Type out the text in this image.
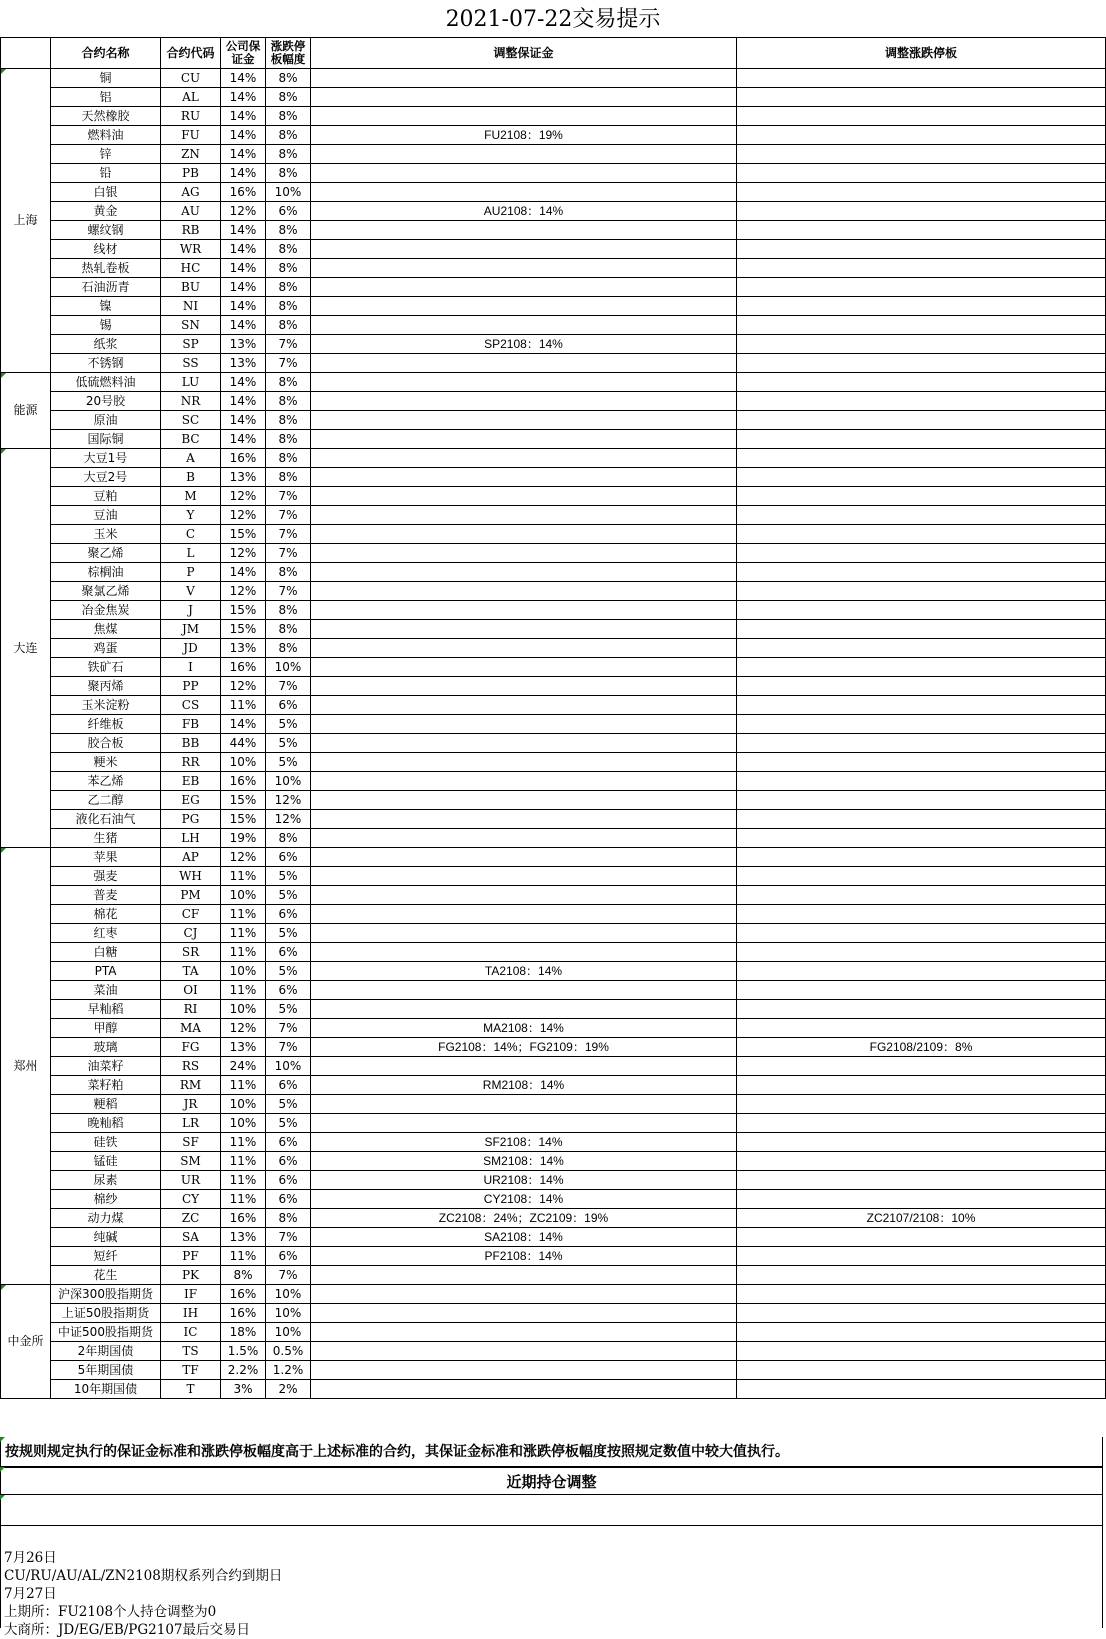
2021-07-22交易提示
	合约名称	合约代码	公司保证金	涨跌停板幅度	调整保证金	调整涨跌停板
上海	铜	CU	14%	8%		
	铝	AL	14%	8%		
	天然橡胶	RU	14%	8%		
	燃料油	FU	14%	8%	FU2108：19%	
	锌	ZN	14%	8%		
	铅	PB	14%	8%		
	白银	AG	16%	10%		
	黄金	AU	12%	6%	AU2108：14%	
	螺纹钢	RB	14%	8%		
	线材	WR	14%	8%		
	热轧卷板	HC	14%	8%		
	石油沥青	BU	14%	8%		
	镍	NI	14%	8%		
	锡	SN	14%	8%		
	纸浆	SP	13%	7%	SP2108：14%	
	不锈钢	SS	13%	7%		
能源	低硫燃料油	LU	14%	8%		
	20号胶	NR	14%	8%		
	原油	SC	14%	8%		
	国际铜	BC	14%	8%		
大连	大豆1号	A	16%	8%		
	大豆2号	B	13%	8%		
	豆粕	M	12%	7%		
	豆油	Y	12%	7%		
	玉米	C	15%	7%		
	聚乙烯	L	12%	7%		
	棕榈油	P	14%	8%		
	聚氯乙烯	V	12%	7%		
	冶金焦炭	J	15%	8%		
	焦煤	JM	15%	8%		
	鸡蛋	JD	13%	8%		
	铁矿石	I	16%	10%		
	聚丙烯	PP	12%	7%		
	玉米淀粉	CS	11%	6%		
	纤维板	FB	14%	5%		
	胶合板	BB	44%	5%		
	粳米	RR	10%	5%		
	苯乙烯	EB	16%	10%		
	乙二醇	EG	15%	12%		
	液化石油气	PG	15%	12%		
	生猪	LH	19%	8%		
郑州	苹果	AP	12%	6%		
	强麦	WH	11%	5%		
	普麦	PM	10%	5%		
	棉花	CF	11%	6%		
	红枣	CJ	11%	5%		
	白糖	SR	11%	6%		
	PTA	TA	10%	5%	TA2108：14%	
	菜油	OI	11%	6%		
	早籼稻	RI	10%	5%		
	甲醇	MA	12%	7%	MA2108：14%	
	玻璃	FG	13%	7%	FG2108：14%；FG2109：19%	FG2108/2109：8%
	油菜籽	RS	24%	10%		
	菜籽粕	RM	11%	6%	RM2108：14%	
	粳稻	JR	10%	5%		
	晚籼稻	LR	10%	5%		
	硅铁	SF	11%	6%	SF2108：14%	
	锰硅	SM	11%	6%	SM2108：14%	
	尿素	UR	11%	6%	UR2108：14%	
	棉纱	CY	11%	6%	CY2108：14%	
	动力煤	ZC	16%	8%	ZC2108：24%；ZC2109：19%	ZC2107/2108：10%
	纯碱	SA	13%	7%	SA2108：14%	
	短纤	PF	11%	6%	PF2108：14%	
	花生	PK	8%	7%		
中金所	沪深300股指期货	IF	16%	10%		
	上证50股指期货	IH	16%	10%		
	中证500股指期货	IC	18%	10%		
	2年期国债	TS	1.5%	0.5%		
	5年期国债	TF	2.2%	1.2%		
	10年期国债	T	3%	2%		
按规则规定执行的保证金标准和涨跌停板幅度高于上述标准的合约，其保证金标准和涨跌停板幅度按照规定数值中较大值执行。
近期持仓调整
7月26日
CU/RU/AU/AL/ZN2108期权系列合约到期日
7月27日
上期所：FU2108个人持仓调整为0
大商所：JD/EG/EB/PG2107最后交易日
